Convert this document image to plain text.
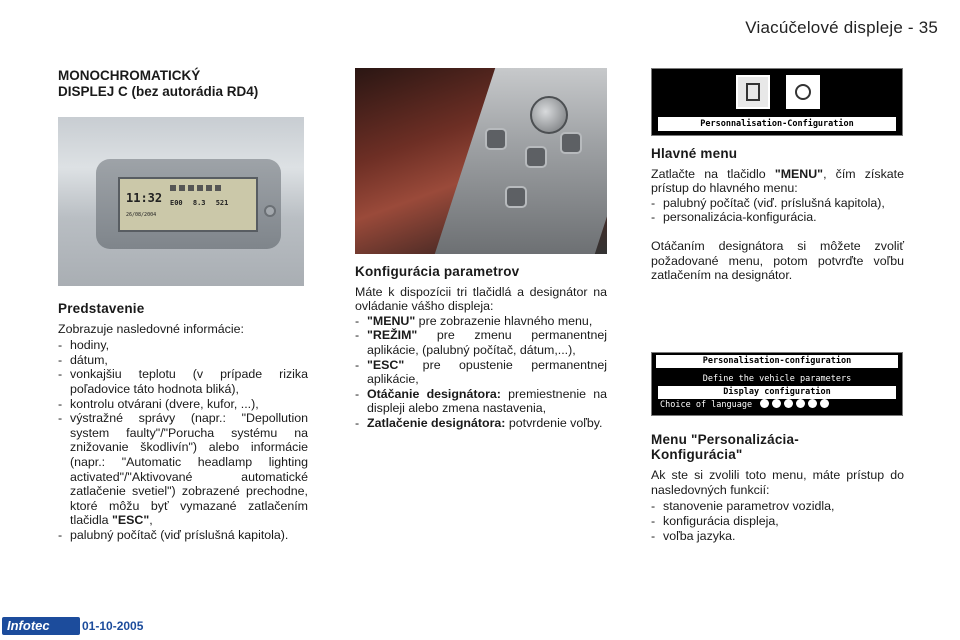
Viacúčelové displeje - 35
MONOCHROMATICKÝ
DISPLEJ C (bez autorádia RD4)
11:32
26/08/2004
E00 8.3 521
Predstavenie

Zobrazuje nasledovné informácie:

- hodiny,
- dátum,
- vonkajšiu teplotu (v prípade rizika poľadovice táto hodnota bliká),
- kontrolu otvárani (dvere, kufor, ...),
- výstražné správy (napr.: "Depollution system faulty"/"Porucha systému na znižovanie škodlivín") alebo informácie (napr.: "Automatic headlamp lighting activated"/"Aktivované automatické zatlačenie svetiel") zobrazené prechodne, ktoré môžu byť vymazané zatlačením tlačidla "ESC",
- palubný počítač (viď príslušná kapitola).
Konfigurácia parametrov

Máte k dispozícii tri tlačidlá a designátor na ovládanie vášho displeja:

- "MENU" pre zobrazenie hlavného menu,
- "REŽIM" pre zmenu permanentnej aplikácie, (palubný počítač, dátum,...),
- "ESC" pre opustenie permanentnej aplikácie,
- Otáčanie designátora: premiestnenie na displeji alebo zmena nastavenia,
- Zatlačenie designátora: potvrdenie voľby.
Personnalisation-Configuration
Hlavné menu

Zatlačte na tlačidlo "MENU", čím získate prístup do hlavného menu:

- palubný počítač (viď. príslušná kapitola),
- personalizácia-konfigurácia.

Otáčaním designátora si môžete zvoliť požadované menu, potom potvrďte voľbu zatlačením na designátor.

Personalisation-configuration
Define the vehicle parameters
Display configuration
Choice of language
Menu "Personalizácia-
Konfigurácia"

Ak ste si zvolili toto menu, máte prístup do nasledovných funkcií:

- stanovenie parametrov vozidla,
- konfigurácia displeja,
- voľba jazyka.
Infotec	01-10-2005
